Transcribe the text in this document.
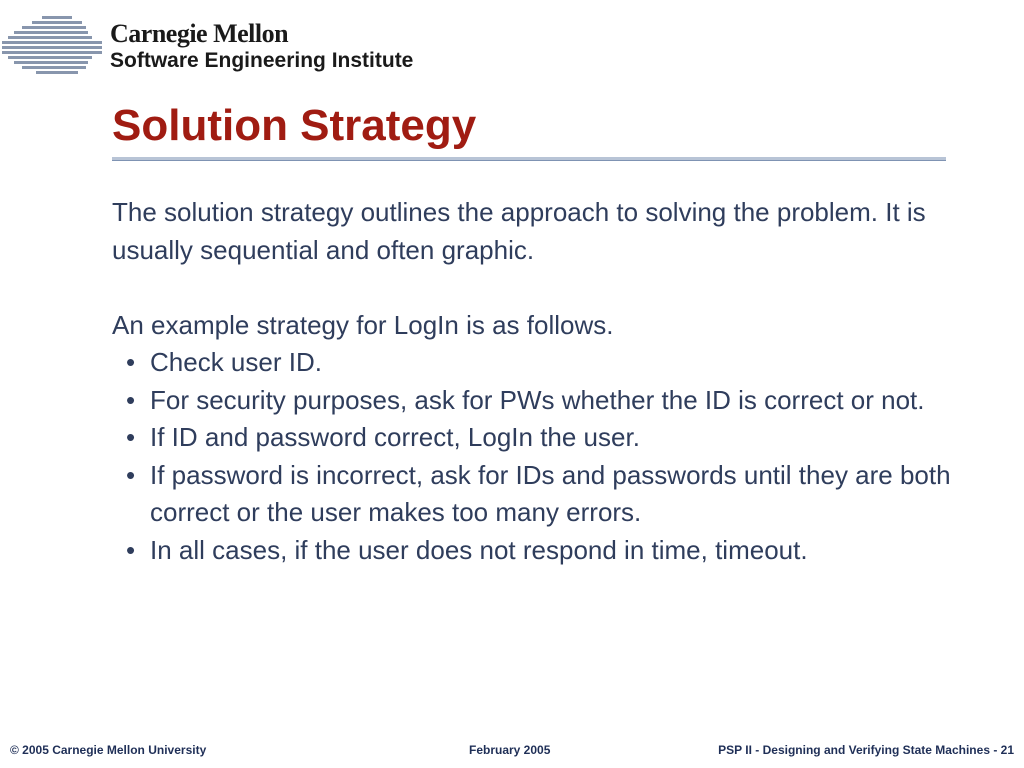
Carnegie Mellon
Software Engineering Institute
Solution Strategy

The solution strategy outlines the approach to solving the problem. It is usually sequential and often graphic.

An example strategy for LogIn is as follows.

• Check user ID.
• For security purposes, ask for PWs whether the ID is correct or not.
• If ID and password correct, LogIn the user.
• If password is incorrect, ask for IDs and passwords until they are both correct or the user makes too many errors.
• In all cases, if the user does not respond in time, timeout.
© 2005 Carnegie Mellon University	February 2005	PSP II - Designing and Verifying State Machines - 21
